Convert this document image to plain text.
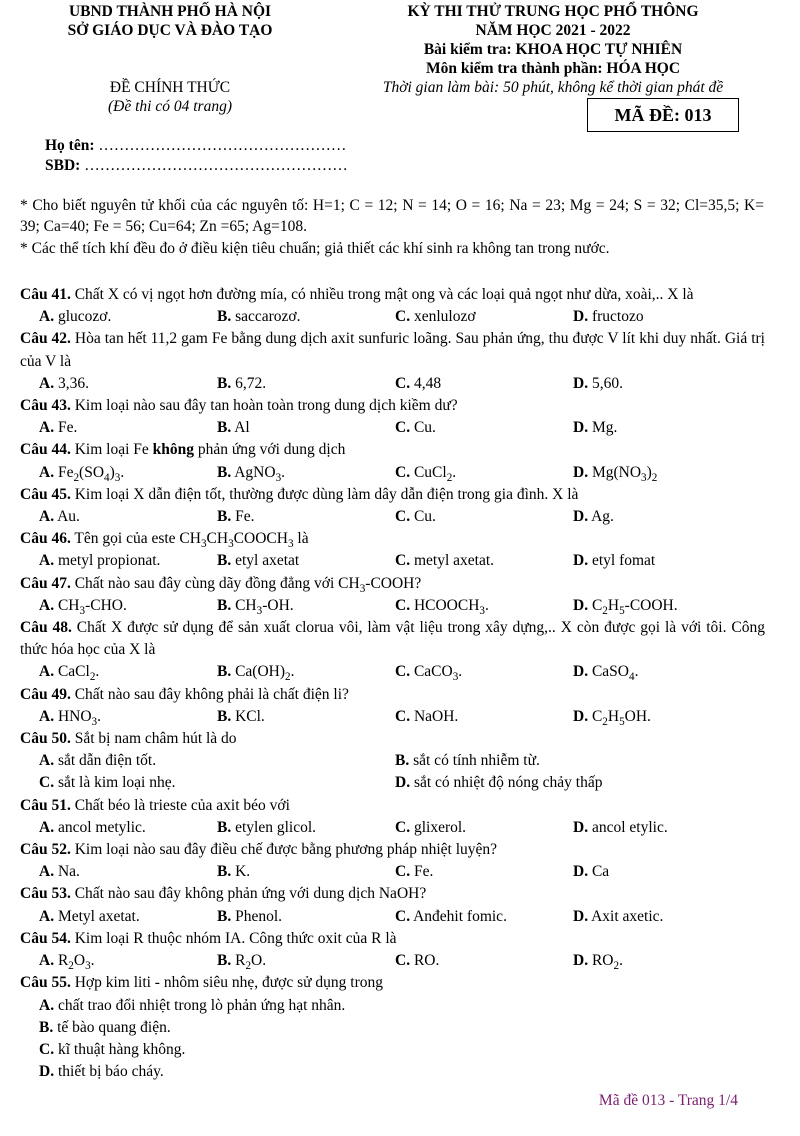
UBND THÀNH PHỐ HÀ NỘI
SỞ GIÁO DỤC VÀ ĐÀO TẠO
KỲ THI THỬ TRUNG HỌC PHỔ THÔNG
NĂM HỌC 2021 - 2022
Bài kiểm tra: KHOA HỌC TỰ NHIÊN
Môn kiểm tra thành phần: HÓA HỌC
ĐỀ CHÍNH THỨC
(Đề thi có 04 trang)
Thời gian làm bài: 50 phút, không kể thời gian phát đề
MÃ ĐỀ: 013
Họ tên: …………………………………………
SBD: ……………………………………………
* Cho biết nguyên tử khối của các nguyên tố: H=1; C = 12; N = 14; O = 16; Na = 23; Mg = 24; S = 32; Cl=35,5; K= 39; Ca=40; Fe = 56; Cu=64; Zn =65; Ag=108.
* Các thể tích khí đều đo ở điều kiện tiêu chuẩn; giả thiết các khí sinh ra không tan trong nước.
Câu 41. Chất X có vị ngọt hơn đường mía, có nhiều trong mật ong và các loại quả ngọt như dừa, xoài,.. X là
A. glucozơ.	B. saccarozơ.	C. xenlulozơ	D. fructozo
Câu 42. Hòa tan hết 11,2 gam Fe bằng dung dịch axit sunfuric loãng. Sau phản ứng, thu được V lít khi duy nhất. Giá trị của V là
A. 3,36.	B. 6,72.	C. 4,48	D. 5,60.
Câu 43. Kim loại nào sau đây tan hoàn toàn trong dung dịch kiềm dư?
A. Fe.	B. Al	C. Cu.	D. Mg.
Câu 44. Kim loại Fe không phản ứng với dung dịch
A. $Fe_2(SO_4)_3$.	B. AgNO$_3$.	C. CuCl$_2$.	D. $Mg(NO_3)_2$
Câu 45. Kim loại X dẫn điện tốt, thường được dùng làm dây dẫn điện trong gia đình. X là
A. Au.	B. Fe.	C. Cu.	D. Ag.
Câu 46. Tên gọi của este $CH_3CH_3COOCH_3$ là
A. metyl propionat.	B. etyl axetat	C. metyl axetat.	D. etyl fomat
Câu 47. Chất nào sau đây cùng dãy đồng đẳng với $CH_3$-COOH?
A. $CH_3$-CHO.	B. $CH_3-OH$.	C. $HCOOCH_3$.	D. $C_2H_5$-COOH.
Câu 48. Chất X được sử dụng để sản xuất clorua vôi, làm vật liệu trong xây dựng,.. X còn được gọi là với tôi. Công thức hóa học của X là
A. CaCl$_2$.	B. $Ca(OH)_2$.	C. CaCO$_3$.	D. CaSO$_4$.
Câu 49. Chất nào sau đây không phải là chất điện li?
A. $HNO_3$.	B. KCl.	C. NaOH.	D. $C_2H_5OH$.
Câu 50. Sắt bị nam châm hút là do
A. sắt dẫn điện tốt.	B. sắt có tính nhiễm từ.
C. sắt là kim loại nhẹ.	D. sắt có nhiệt độ nóng chảy thấp
Câu 51. Chất béo là trieste của axit béo với
A. ancol metylic.	B. etylen glicol.	C. glixerol.	D. ancol etylic.
Câu 52. Kim loại nào sau đây điều chế được bằng phương pháp nhiệt luyện?
A. Na.	B. K.	C. Fe.	D. Ca
Câu 53. Chất nào sau đây không phản ứng với dung dịch NaOH?
A. Metyl axetat.	B. Phenol.	C. Anđehit fomic.	D. Axit axetic.
Câu 54. Kim loại R thuộc nhóm IA. Công thức oxit của R là
A. $R_2O_3$.	B. $R_2O$.	C. RO.	D. $RO_2$.
Câu 55. Hợp kim liti - nhôm siêu nhẹ, được sử dụng trong
A. chất trao đổi nhiệt trong lò phản ứng hạt nhân.
B. tế bào quang điện.
C. kĩ thuật hàng không.
D. thiết bị báo cháy.
Mã đề 013 - Trang 1/4
